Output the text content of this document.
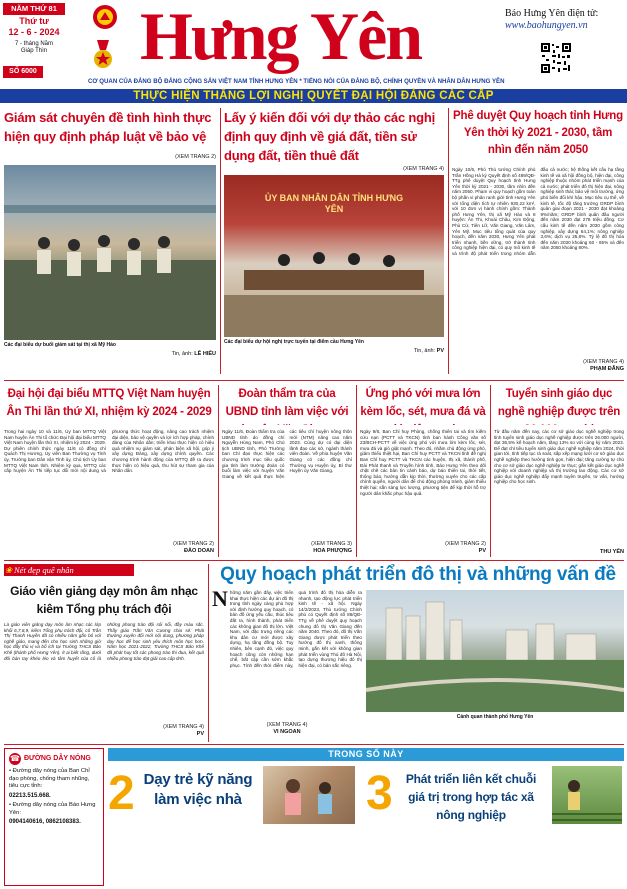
NĂM THỨ 81
Thứ tư
12 - 6 - 2024
7 - tháng Năm
Giáp Thìn
SỐ 6000 Hưng Yên	Báo Hưng Yên điện tử:
www.baohungyen.vn
CƠ QUAN CỦA ĐẢNG BỘ ĐẢNG CỘNG SẢN VIỆT NAM TỈNH HƯNG YÊN * TIẾNG NÓI CỦA ĐẢNG BỘ, CHÍNH QUYỀN VÀ NHÂN DÂN HƯNG YÊN
THỰC HIỆN THẮNG LỢI NGHỊ QUYẾT ĐẠI HỘI ĐẢNG CÁC CẤP
Giám sát chuyên đề tình hình thực hiện quy định pháp luật về bảo vệ
(XEM TRANG 2)
Các đại biểu dự buổi giám sát tại thị xã Mỹ Hào
Tin, ảnh: LÊ HIẾU
Lấy ý kiến đối với dự thảo các nghị định quy định về giá đất, tiền sử dụng đất, tiền thuê đất
(XEM TRANG 4)
ỦY BAN NHÂN DÂN TỈNH HƯNG YÊN
Các đại biểu dự hội nghị trực tuyến tại điểm cầu Hưng Yên
Tin, ảnh: PV
Phê duyệt Quy hoạch tỉnh Hưng Yên thời kỳ 2021 - 2030, tầm nhìn đến năm 2050
Ngày 10/6, Phó Thủ tướng Chính phủ Trần Hồng Hà ký Quyết định số 489/QĐ-TTg phê duyệt Quy hoạch tỉnh Hưng Yên thời kỳ 2021 - 2030, tầm nhìn đến năm 2050. Phạm vi quy hoạch gồm toàn bộ phần vi phân ranh giới tỉnh Hưng Yên với tổng diện tích tự nhiên 930,22 km², với 10 đơn vị hành chính gồm: Thành phố Hưng Yên, thị xã Mỹ Hào và 8 huyện: Ân Thi, Khoái Châu, Kim Động, Phù Cừ, Tiên Lữ, Văn Giang, Văn Lâm, Yên Mỹ. Mục tiêu tổng quát của quy hoạch, đến năm 2030, Hưng Yên phát triển nhanh, bền vững, trở thành tỉnh công nghiệp hiện đại, có quy mô kinh tế và trình độ phát triển trong nhóm dẫn đầu cả nước; hệ thống kết cấu hạ tầng kinh tế và xã hội đồng bộ, hiện đại, công nghiệp thuộc nhóm phát triển mạnh của cả nước; phát triển đô thị hiện đại, nông nghiệp sinh thái; bảo vệ môi trường, ứng phó biến đổi khí hậu. Mục tiêu cụ thể, về kinh tế, tốc độ tăng trưởng GRDP bình quân giai đoạn 2021 - 2030 đạt khoảng 9%/năm; GRDP bình quân đầu người đến năm 2030 đạt 278 triệu đồng. Cơ cấu kinh tế đến năm 2030 gồm công nghiệp, xây dựng 64,1%; nông nghiệp 3,6%; dịch vụ 25,8%. Tỷ lệ đô thị hóa đến năm 2030 khoảng 60 - 65% và đến năm 2050 khoảng 80%.
(XEM TRANG 4)
PHẠM ĐĂNG
Đại hội đại biểu MTTQ Việt Nam huyện Ân Thi lần thứ XI, nhiệm kỳ 2024 - 2029
Trong hai ngày 10 và 11/6, Ủy ban MTTQ Việt Nam huyện Ân Thi tổ chức Đại hội đại biểu MTTQ Việt Nam huyện lần thứ XI, nhiệm kỳ 2024 - 2029. Dự phiên chính thức ngày 11/6 có đồng chí Quách Thị Hương, Ủy viên Ban Thường vụ Tỉnh ủy, Trưởng ban Dân vận Tỉnh ủy, Chủ tịch Ủy ban MTTQ Việt Nam tỉnh. Nhiệm kỳ qua, MTTQ các cấp huyện Ân Thi tiếp tục đổi mới nội dung và phương thức hoạt động, nâng cao trách nhiệm đại diện, bảo vệ quyền và lợi ích hợp pháp, chính đáng của Nhân dân; triển khai thực hiện có hiệu quả nhiệm vụ giám sát, phản biện xã hội, góp ý xây dựng Đảng, xây dựng chính quyền. Các chương trình hành động của MTTQ đề ra được thực hiện có hiệu quả, thu hút sự tham gia của Nhân dân.
(XEM TRANG 2)
ĐÀO DOAN
Đoàn thẩm tra của UBND tỉnh làm việc với
Ngày 11/6, Đoàn thẩm tra của UBND tỉnh do đồng chí Nguyễn Hùng Nam, Phó Chủ tịch UBND tỉnh, Phó Trưởng ban Chỉ đạo thực hiện các chương trình mục tiêu quốc gia tỉnh làm trưởng đoàn có buổi làm việc với huyện Văn Giang về kết quả thực hiện các tiêu chí huyện nông thôn mới (NTM) nâng cao năm 2023. Cùng dự có đại diện lãnh đạo các sở, ngành thành viên đoàn. Về phía huyện Văn Giang có các đồng chí Thường vụ Huyện ủy, Bí thư Huyện ủy Văn Giang.
(XEM TRANG 3)
HOA PHƯỢNG
Ứng phó với mưa lớn kèm lốc, sét, mưa đá và
Ngày 9/6, Ban Chỉ huy Phòng, chống thiên tai và tìm kiếm cứu nạn (PCTT và TKCN) tỉnh ban hành Công văn số 23/BCH-PCTT về việc ứng phó với mưa lớn kèm lốc, sét, mưa đá và gió giật mạnh. Theo đó, nhằm chủ động ứng phó, giảm thiểu thiệt hại, Ban Chỉ huy PCTT và TKCN tỉnh đề nghị Ban Chỉ huy PCTT và TKCN các huyện, thị xã, thành phố, Đài Phát thanh và Truyền hình tỉnh, Báo Hưng Yên theo dõi chặt chẽ các bản tin cảnh báo, dự báo thiên tai, thời tiết, thông báo, hướng dẫn kịp thời, thường xuyên cho các cấp chính quyền, người dân để chủ động phòng tránh, giảm thiểu thiệt hại; sẵn sàng lực lượng, phương tiện để kịp thời hỗ trợ người dân khắc phục hậu quả.
(XEM TRANG 2)
PV
Tuyển sinh giáo dục nghề nghiệp được trên
Từ đầu năm đến nay, các cơ sở giáo dục nghề nghiệp trong tỉnh tuyển sinh giáo dục nghề nghiệp được trên 26.000 người, đạt 36,5% kế hoạch năm, tăng 13% so với cùng kỳ năm 2023. Để đạt chỉ tiêu tuyển sinh giáo dục nghề nghiệp năm 2024, thời gian tới, tỉnh tiếp tục rà soát, sắp xếp mạng lưới cơ sở giáo dục nghề nghiệp theo hướng tinh gọn, hiện đại; tăng cường tự chủ cho cơ sở giáo dục nghề nghiệp tư thục; gắn kết giáo dục nghề nghiệp với doanh nghiệp và thị trường lao động. Các cơ sở giáo dục nghề nghiệp đẩy mạnh tuyên truyền, tư vấn, hướng nghiệp cho học sinh.
THU YẾN
❀ Nét đẹp quê nhân
Giáo viên giảng dạy môn âm nhạc kiêm Tổng phụ trách đội
Là giáo viên giảng dạy môn âm nhạc các lớp khối 6,7,8,9, kiêm Tổng phụ trách đội, cô Trần Thị Thanh Huyền đã có nhiều năm gắn bó với nghề giáo, mang đến cho học sinh những giờ học đầy thú vị và bổ ích tại Trường THCS Bảo Khê (thành phố Hưng Yên). Ít ai biết rằng, dưới đôi bàn tay khéo léo và tâm huyết của cô là những phong trào đội sôi nổi, đầy màu sắc. Thầy giáo Trần Văn Cương chia sẻ: Phải thường xuyên đổi mới nội dung, phương pháp dạy học để học sinh yêu thích môn học hơn. Năm học 2021-2022, Trường THCS Bảo Khê đã phát huy tốt các phong trào thi đua, kết quả nhiều phong trào đạt giải cao cấp tỉnh.
(XEM TRANG 4)
PV
Quy hoạch phát triển đô thị và những vấn đề
N hững năm gần đây, việc triển khai thực hiện các dự án đô thị trong tỉnh ngày càng phù hợp với định hướng quy hoạch, có bản đồ ứng yếu cầu, thúc tiêu đất ra, hình thành, phát triển các không gian đô thị lớn. Việt Nam, với đặc trưng riêng các khu dân cư mới được xây dựng, hạ tầng đồng bộ. Tuy nhiên, bên cạnh đó, việc quy hoạch cũng còn những hạn chế, bất cập cần sớm khắc phục. Tính đến thời điểm này, quá trình đô thị hóa diễn ra nhanh, tạo động lực phát triển kinh tế - xã hội. Ngày 14/2/2023, Thủ tướng Chính phủ có Quyết định số 86/QĐ-TTg về phê duyệt quy hoạch chung đô thị Văn Giang đến năm 2040. Theo đó, đô thị Văn Giang được phát triển theo hướng đô thị xanh, thông minh, gắn kết với không gian phát triển vùng Thủ đô Hà Nội, tạo dựng thương hiệu đô thị hiện đại, có bản sắc riêng.
Cảnh quan thành phố Hưng Yên
(XEM TRANG 4)
VI NGOAN
☎ ĐƯỜNG DÂY NÓNG
• Đường dây nóng của Ban Chỉ đạo phòng, chống tham nhũng, tiêu cực tỉnh:
02213.515.668.
• Đường dây nóng của Báo Hưng Yên:
0904140616, 0862108383.
TRONG SỐ NÀY
2 Dạy trẻ kỹ năng làm việc nhà	3	Phát triển liên kết chuỗi giá trị trong hợp tác xã nông nghiệp
